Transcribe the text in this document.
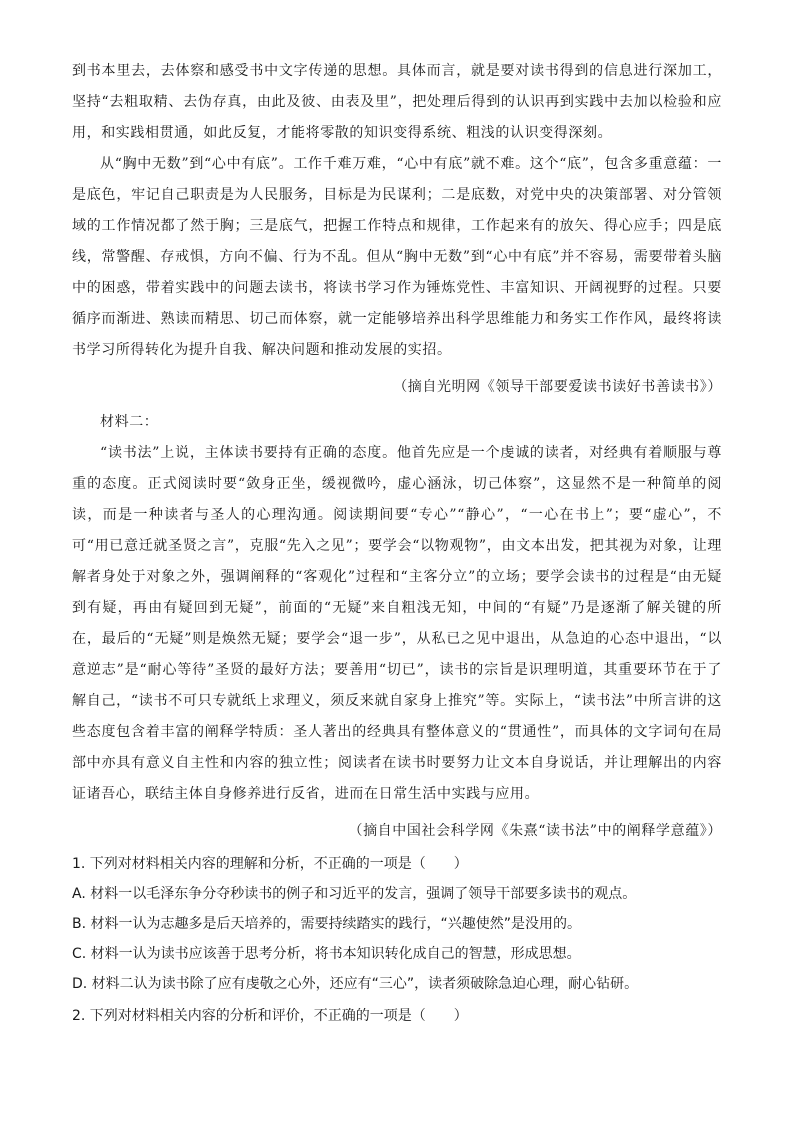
到书本里去，去体察和感受书中文字传递的思想。具体而言，就是要对读书得到的信息进行深加工，坚持“去粗取精、去伪存真，由此及彼、由表及里”，把处理后得到的认识再到实践中去加以检验和应用，和实践相贯通，如此反复，才能将零散的知识变得系统、粗浅的认识变得深刻。

从“胸中无数”到“心中有底”。工作千难万难，“心中有底”就不难。这个“底”，包含多重意蕴：一是底色，牢记自己职责是为人民服务，目标是为民谋利；二是底数，对党中央的决策部署、对分管领域的工作情况都了然于胸；三是底气，把握工作特点和规律，工作起来有的放矢、得心应手；四是底线，常警醒、存戒惧，方向不偏、行为不乱。但从“胸中无数”到“心中有底”并不容易，需要带着头脑中的困惑，带着实践中的问题去读书，将读书学习作为锤炼党性、丰富知识、开阔视野的过程。只要循序而渐进、熟读而精思、切己而体察，就一定能够培养出科学思维能力和务实工作作风，最终将读书学习所得转化为提升自我、解决问题和推动发展的实招。

（摘自光明网《领导干部要爱读书读好书善读书》）

材料二：

“读书法”上说，主体读书要持有正确的态度。他首先应是一个虔诚的读者，对经典有着顺服与尊重的态度。正式阅读时要“敛身正坐，缓视微吟，虚心涵泳，切己体察”，这显然不是一种简单的阅读，而是一种读者与圣人的心理沟通。阅读期间要“专心”“静心”，“一心在书上”；要“虚心”，不可“用已意迁就圣贤之言”，克服“先入之见”；要学会“以物观物”，由文本出发，把其视为对象，让理解者身处于对象之外，强调阐释的“客观化”过程和“主客分立”的立场；要学会读书的过程是“由无疑到有疑，再由有疑回到无疑”，前面的“无疑”来自粗浅无知，中间的“有疑”乃是逐渐了解关键的所在，最后的“无疑”则是焕然无疑；要学会“退一步”，从私已之见中退出，从急迫的心态中退出，“以意逆志”是“耐心等待”圣贤的最好方法；要善用“切已”，读书的宗旨是识理明道，其重要环节在于了解自己，“读书不可只专就纸上求理义，须反来就自家身上推究”等。实际上，“读书法”中所言讲的这些态度包含着丰富的阐释学特质：圣人著出的经典具有整体意义的“贯通性”，而具体的文字词句在局部中亦具有意义自主性和内容的独立性；阅读者在读书时要努力让文本自身说话，并让理解出的内容证诸吾心，联结主体自身修养进行反省，进而在日常生活中实践与应用。

（摘自中国社会科学网《朱熹“读书法”中的阐释学意蕴》）

1. 下列对材料相关内容的理解和分析，不正确的一项是（　　）

A. 材料一以毛泽东争分夺秒读书的例子和习近平的发言，强调了领导干部要多读书的观点。

B. 材料一认为志趣多是后天培养的，需要持续踏实的践行，“兴趣使然”是没用的。

C. 材料一认为读书应该善于思考分析，将书本知识转化成自己的智慧，形成思想。

D. 材料二认为读书除了应有虔敬之心外，还应有“三心”，读者须破除急迫心理，耐心钻研。

2. 下列对材料相关内容的分析和评价，不正确的一项是（　　）
